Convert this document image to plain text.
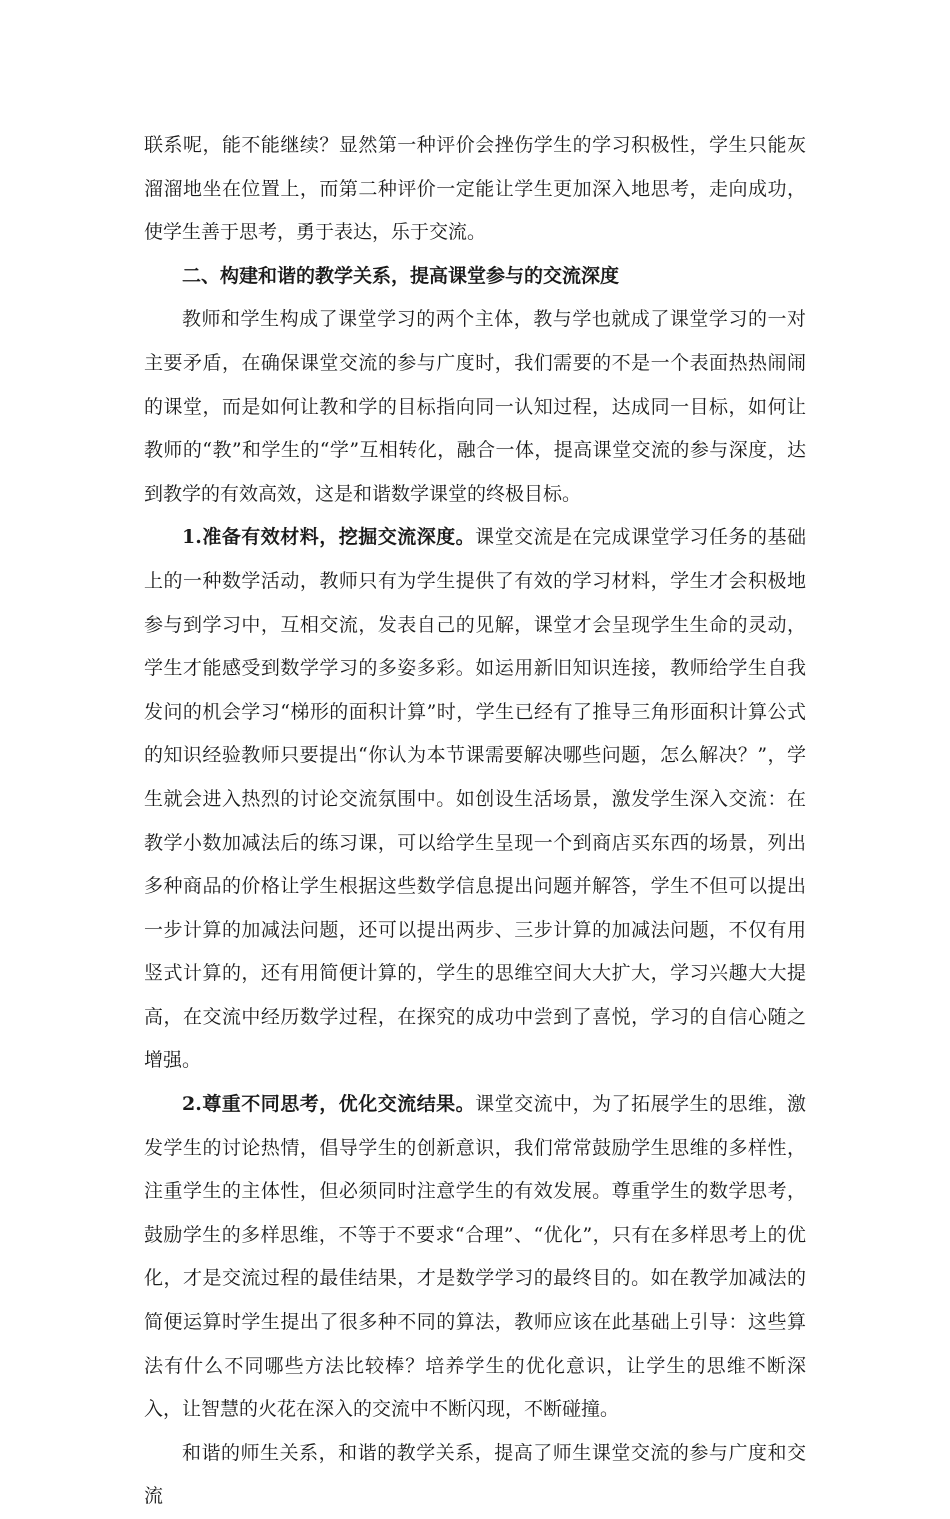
联系呢，能不能继续？显然第一种评价会挫伤学生的学习积极性，学生只能灰溜溜地坐在位置上，而第二种评价一定能让学生更加深入地思考，走向成功，使学生善于思考，勇于表达，乐于交流。

二、构建和谐的教学关系，提高课堂参与的交流深度

教师和学生构成了课堂学习的两个主体，教与学也就成了课堂学习的一对主要矛盾，在确保课堂交流的参与广度时，我们需要的不是一个表面热热闹闹的课堂，而是如何让教和学的目标指向同一认知过程，达成同一目标，如何让教师的“教”和学生的“学”互相转化，融合一体，提高课堂交流的参与深度，达到教学的有效高效，这是和谐数学课堂的终极目标。

1.准备有效材料，挖掘交流深度。课堂交流是在完成课堂学习任务的基础上的一种数学活动，教师只有为学生提供了有效的学习材料，学生才会积极地参与到学习中，互相交流，发表自己的见解，课堂才会呈现学生生命的灵动，学生才能感受到数学学习的多姿多彩。如运用新旧知识连接，教师给学生自我发问的机会学习“梯形的面积计算”时，学生已经有了推导三角形面积计算公式的知识经验教师只要提出“你认为本节课需要解决哪些问题，怎么解决？”，学生就会进入热烈的讨论交流氛围中。如创设生活场景，激发学生深入交流：在教学小数加减法后的练习课，可以给学生呈现一个到商店买东西的场景，列出多种商品的价格让学生根据这些数学信息提出问题并解答，学生不但可以提出一步计算的加减法问题，还可以提出两步、三步计算的加减法问题，不仅有用竖式计算的，还有用简便计算的，学生的思维空间大大扩大，学习兴趣大大提高，在交流中经历数学过程，在探究的成功中尝到了喜悦，学习的自信心随之增强。

2.尊重不同思考，优化交流结果。课堂交流中，为了拓展学生的思维，激发学生的讨论热情，倡导学生的创新意识，我们常常鼓励学生思维的多样性，注重学生的主体性，但必须同时注意学生的有效发展。尊重学生的数学思考，鼓励学生的多样思维，不等于不要求“合理”、“优化”，只有在多样思考上的优化，才是交流过程的最佳结果，才是数学学习的最终目的。如在教学加减法的简便运算时学生提出了很多种不同的算法，教师应该在此基础上引导：这些算法有什么不同哪些方法比较棒？培养学生的优化意识，让学生的思维不断深入，让智慧的火花在深入的交流中不断闪现，不断碰撞。

和谐的师生关系，和谐的教学关系，提高了师生课堂交流的参与广度和交流
